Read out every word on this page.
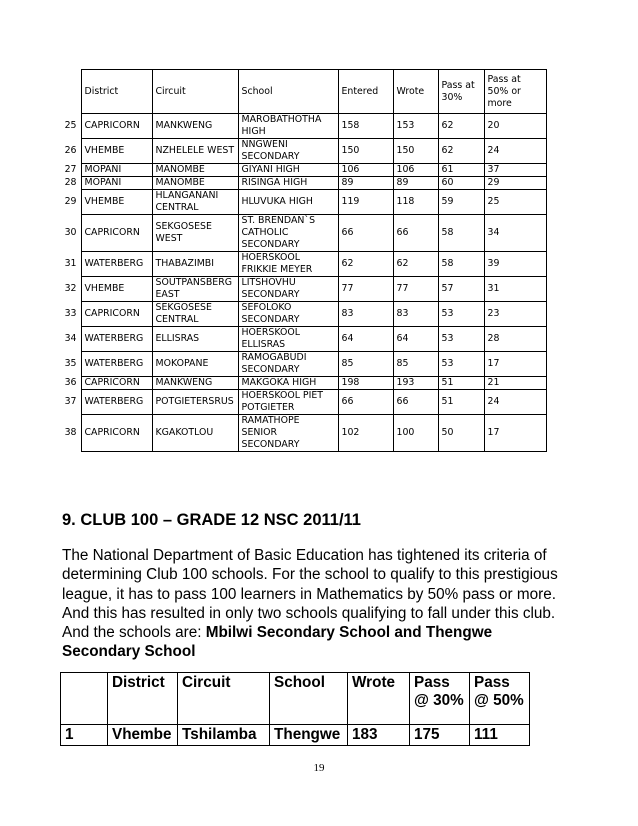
	District	Circuit	School	Entered	Wrote	Pass at 30%	Pass at 50% or more
25	CAPRICORN	MANKWENG	MAROBATHOTHA HIGH	158	153	62	20
26	VHEMBE	NZHELELE WEST	NNGWENI SECONDARY	150	150	62	24
27	MOPANI	MANOMBE	GIYANI HIGH	106	106	61	37
28	MOPANI	MANOMBE	RISINGA HIGH	89	89	60	29
29	VHEMBE	HLANGANANI CENTRAL	HLUVUKA HIGH	119	118	59	25
30	CAPRICORN	SEKGOSESE WEST	ST. BRENDAN`S CATHOLIC SECONDARY	66	66	58	34
31	WATERBERG	THABAZIMBI	HOERSKOOL FRIKKIE MEYER	62	62	58	39
32	VHEMBE	SOUTPANSBERG EAST	LITSHOVHU SECONDARY	77	77	57	31
33	CAPRICORN	SEKGOSESE CENTRAL	SEFOLOKO SECONDARY	83	83	53	23
34	WATERBERG	ELLISRAS	HOERSKOOL ELLISRAS	64	64	53	28
35	WATERBERG	MOKOPANE	RAMOGABUDI SECONDARY	85	85	53	17
36	CAPRICORN	MANKWENG	MAKGOKA HIGH	198	193	51	21
37	WATERBERG	POTGIETERSRUS	HOERSKOOL PIET POTGIETER	66	66	51	24
38	CAPRICORN	KGAKOTLOU	RAMATHOPE SENIOR SECONDARY	102	100	50	17
9. CLUB 100 – GRADE 12 NSC 2011/11

The National Department of Basic Education has tightened its criteria of determining Club 100 schools. For the school to qualify to this prestigious league, it has to pass 100 learners in Mathematics by 50% pass or more. And this has resulted in only two schools qualifying to fall under this club. And the schools are: Mbilwi Secondary School and Thengwe Secondary School

	District	Circuit	School	Wrote	Pass @ 30%	Pass @ 50%
1	Vhembe	Tshilamba	Thengwe	183	175	111
19
